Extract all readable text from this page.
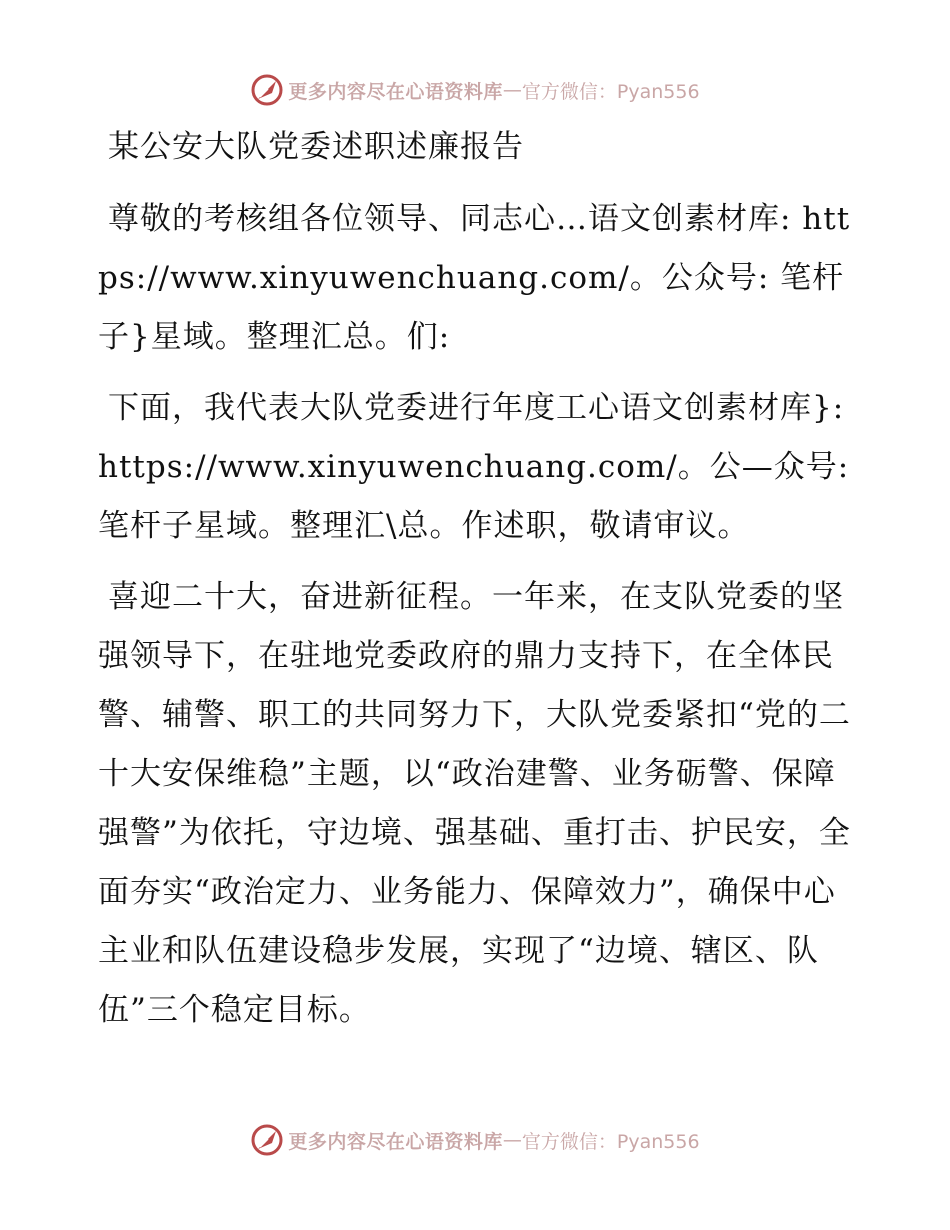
更多内容尽在心语资料库 — 官方微信：Pyan556
某公安大队党委述职述廉报告

尊敬的考核组各位领导、同志心…语文创素材库: https://www.xinyuwenchuang.com/。公众号: 笔杆子}星域。整理汇总。们:

下面，我代表大队党委进行年度工心语文创素材库}: https://www.xinyuwenchuang.com/。公—众号: 笔杆子星域。整理汇\总。作述职，敬请审议。

喜迎二十大，奋进新征程。一年来，在支队党委的坚强领导下，在驻地党委政府的鼎力支持下，在全体民警、辅警、职工的共同努力下，大队党委紧扣“党的二十大安保维稳”主题，以“政治建警、业务砺警、保障强警”为依托，守边境、强基础、重打击、护民安，全面夯实“政治定力、业务能力、保障效力”，确保中心主业和队伍建设稳步发展，实现了“边境、辖区、队伍”三个稳定目标。

更多内容尽在心语资料库 — 官方微信：Pyan556
